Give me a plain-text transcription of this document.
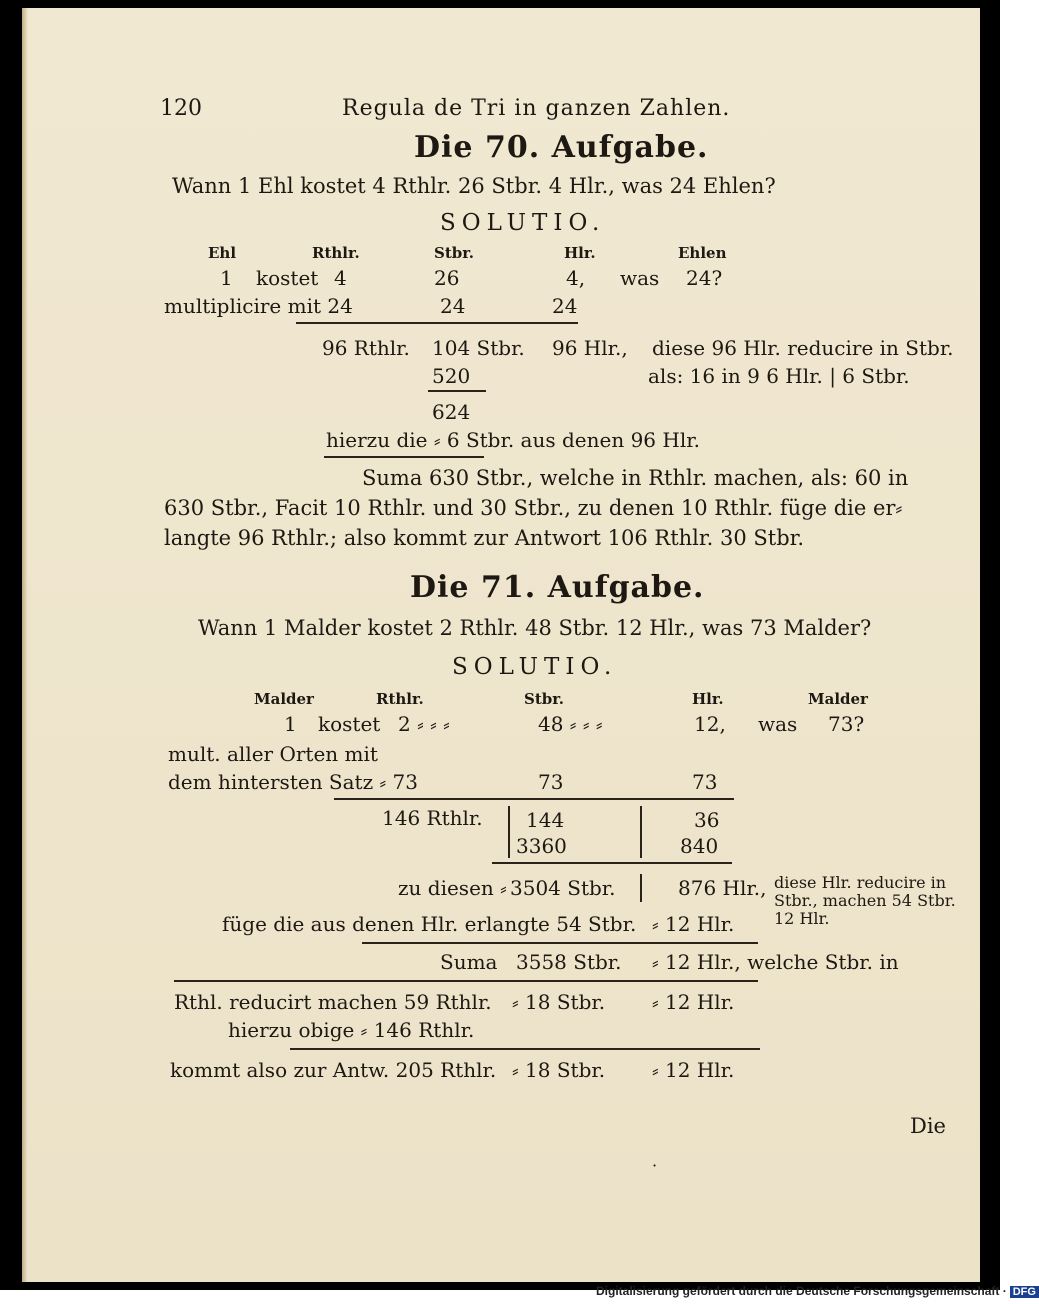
120	Regula de Tri in ganzen Zahlen.
Die 70. Aufgabe.
Wann 1 Ehl kostet 4 Rthlr. 26 Stbr. 4 Hlr., was 24 Ehlen?
SOLUTIO.
Ehl	Rthlr.	Stbr.	Hlr.	Ehlen
1 kostet 4	26	4, was 24?
multiplicire mit 24	24	24
96 Rthlr. 104 Stbr. 96 Hlr., diese 96 Hlr. reducire in Stbr.
520	als: 16 in 9 6 Hlr. | 6 Stbr.
624
hierzu die ⸗ 6 Stbr. aus denen 96 Hlr.
Suma 630 Stbr., welche in Rthlr. machen, als: 60 in
630 Stbr., Facit 10 Rthlr. und 30 Stbr., zu denen 10 Rthlr. füge die er⸗
langte 96 Rthlr.; also kommt zur Antwort 106 Rthlr. 30 Stbr.
Die 71. Aufgabe.
Wann 1 Malder kostet 2 Rthlr. 48 Stbr. 12 Hlr., was 73 Malder?
SOLUTIO.
Malder	Rthlr.	Stbr.	Hlr.	Malder
1 kostet 2 ⸗ ⸗ ⸗	48 ⸗ ⸗ ⸗	12, was 73?
mult. aller Orten mit
dem hintersten Satz ⸗ 73	73	73
146 Rthlr. 144	36
3360	840
zu diesen ⸗ 3504 Stbr.	876 Hlr., diese Hlr. reducire in Stbr., machen 54 Stbr. 12 Hlr.
füge die aus denen Hlr. erlangte 54 Stbr. ⸗ 12 Hlr.
Suma 3558 Stbr. ⸗ 12 Hlr., welche Stbr. in
Rthl. reducirt machen 59 Rthlr. ⸗ 18 Stbr. ⸗ 12 Hlr.
hierzu obige ⸗ 146 Rthlr.
kommt also zur Antw. 205 Rthlr. ⸗ 18 Stbr. ⸗ 12 Hlr.
Die
·
Digitalisierung gefördert durch die Deutsche Forschungsgemeinschaft · DFG
